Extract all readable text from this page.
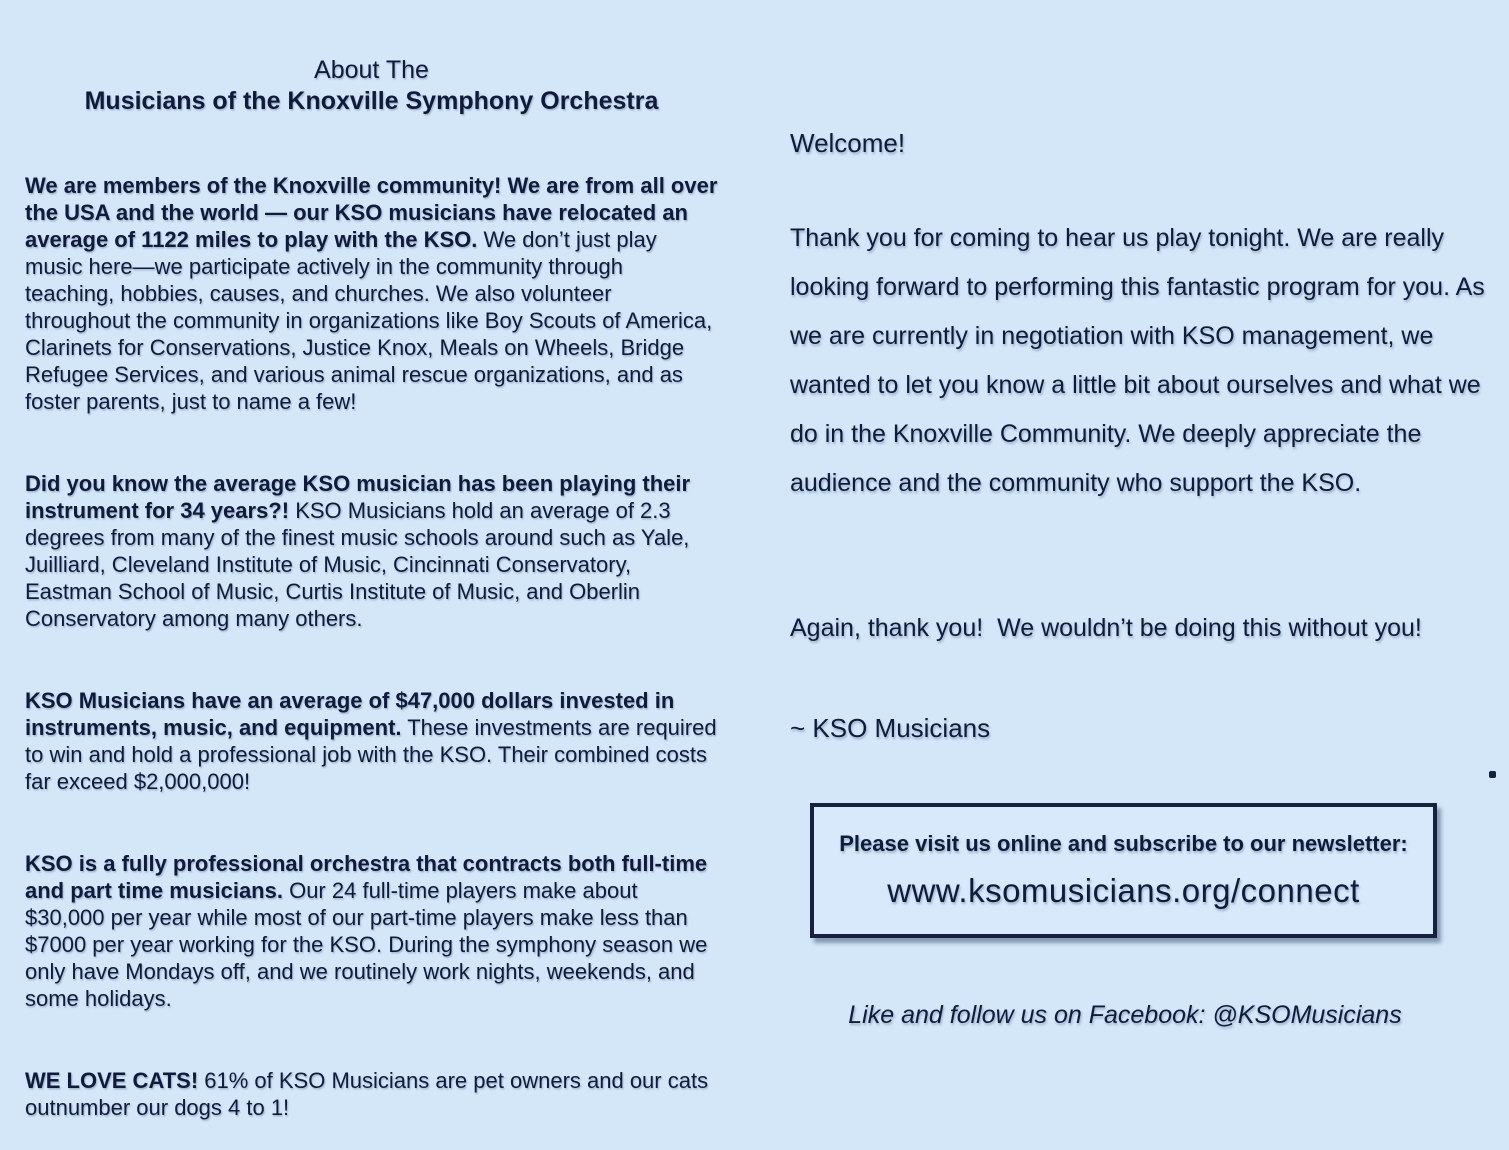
About The
Musicians of the Knoxville Symphony Orchestra

We are members of the Knoxville community! We are from all over the USA and the world — our KSO musicians have relocated an average of 1122 miles to play with the KSO. We don’t just play music here—we participate actively in the community through teaching, hobbies, causes, and churches. We also volunteer throughout the community in organizations like Boy Scouts of America, Clarinets for Conservations, Justice Knox, Meals on Wheels, Bridge Refugee Services, and various animal rescue organizations, and as foster parents, just to name a few!

Did you know the average KSO musician has been playing their instrument for 34 years?! KSO Musicians hold an average of 2.3 degrees from many of the finest music schools around such as Yale, Juilliard, Cleveland Institute of Music, Cincinnati Conservatory, Eastman School of Music, Curtis Institute of Music, and Oberlin Conservatory among many others.

KSO Musicians have an average of $47,000 dollars invested in instruments, music, and equipment. These investments are required to win and hold a professional job with the KSO. Their combined costs far exceed $2,000,000!

KSO is a fully professional orchestra that contracts both full-time and part time musicians. Our 24 full-time players make about $30,000 per year while most of our part-time players make less than $7000 per year working for the KSO. During the symphony season we only have Mondays off, and we routinely work nights, weekends, and some holidays.

WE LOVE CATS! 61% of KSO Musicians are pet owners and our cats outnumber our dogs 4 to 1!

Welcome!
Thank you for coming to hear us play tonight. We are really looking forward to performing this fantastic program for you. As we are currently in negotiation with KSO management, we wanted to let you know a little bit about ourselves and what we do in the Knoxville Community. We deeply appreciate the audience and the community who support the KSO.
Again, thank you!  We wouldn’t be doing this without you!
~ KSO Musicians
Please visit us online and subscribe to our newsletter:
www.ksomusicians.org/connect
Like and follow us on Facebook: @KSOMusicians
